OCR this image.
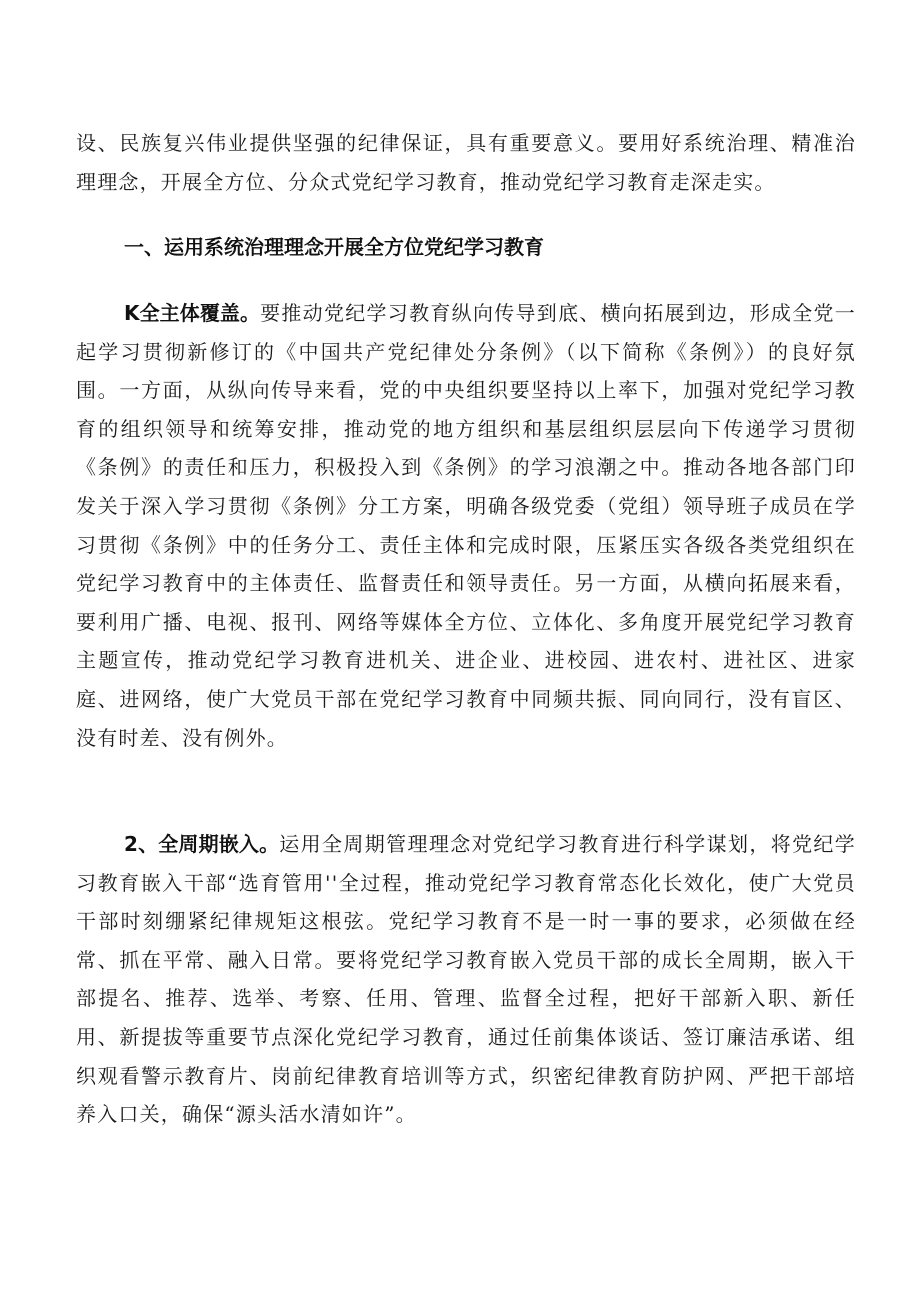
设、民族复兴伟业提供坚强的纪律保证，具有重要意义。要用好系统治理、精准治理理念，开展全方位、分众式党纪学习教育，推动党纪学习教育走深走实。

一、运用系统治理理念开展全方位党纪学习教育

K全主体覆盖。要推动党纪学习教育纵向传导到底、横向拓展到边，形成全党一起学习贯彻新修订的《中国共产党纪律处分条例》（以下简称《条例》）的良好氛围。一方面，从纵向传导来看，党的中央组织要坚持以上率下，加强对党纪学习教育的组织领导和统筹安排，推动党的地方组织和基层组织层层向下传递学习贯彻《条例》的责任和压力，积极投入到《条例》的学习浪潮之中。推动各地各部门印发关于深入学习贯彻《条例》分工方案，明确各级党委（党组）领导班子成员在学习贯彻《条例》中的任务分工、责任主体和完成时限，压紧压实各级各类党组织在党纪学习教育中的主体责任、监督责任和领导责任。另一方面，从横向拓展来看，要利用广播、电视、报刊、网络等媒体全方位、立体化、多角度开展党纪学习教育主题宣传，推动党纪学习教育进机关、进企业、进校园、进农村、进社区、进家庭、进网络，使广大党员干部在党纪学习教育中同频共振、同向同行，没有盲区、没有时差、没有例外。

2、全周期嵌入。运用全周期管理理念对党纪学习教育进行科学谋划，将党纪学习教育嵌入干部“选育管用''全过程，推动党纪学习教育常态化长效化，使广大党员干部时刻绷紧纪律规矩这根弦。党纪学习教育不是一时一事的要求，必须做在经常、抓在平常、融入日常。要将党纪学习教育嵌入党员干部的成长全周期，嵌入干部提名、推荐、选举、考察、任用、管理、监督全过程，把好干部新入职、新任用、新提拔等重要节点深化党纪学习教育，通过任前集体谈话、签订廉洁承诺、组织观看警示教育片、岗前纪律教育培训等方式，织密纪律教育防护网、严把干部培养入口关，确保“源头活水清如许”。
